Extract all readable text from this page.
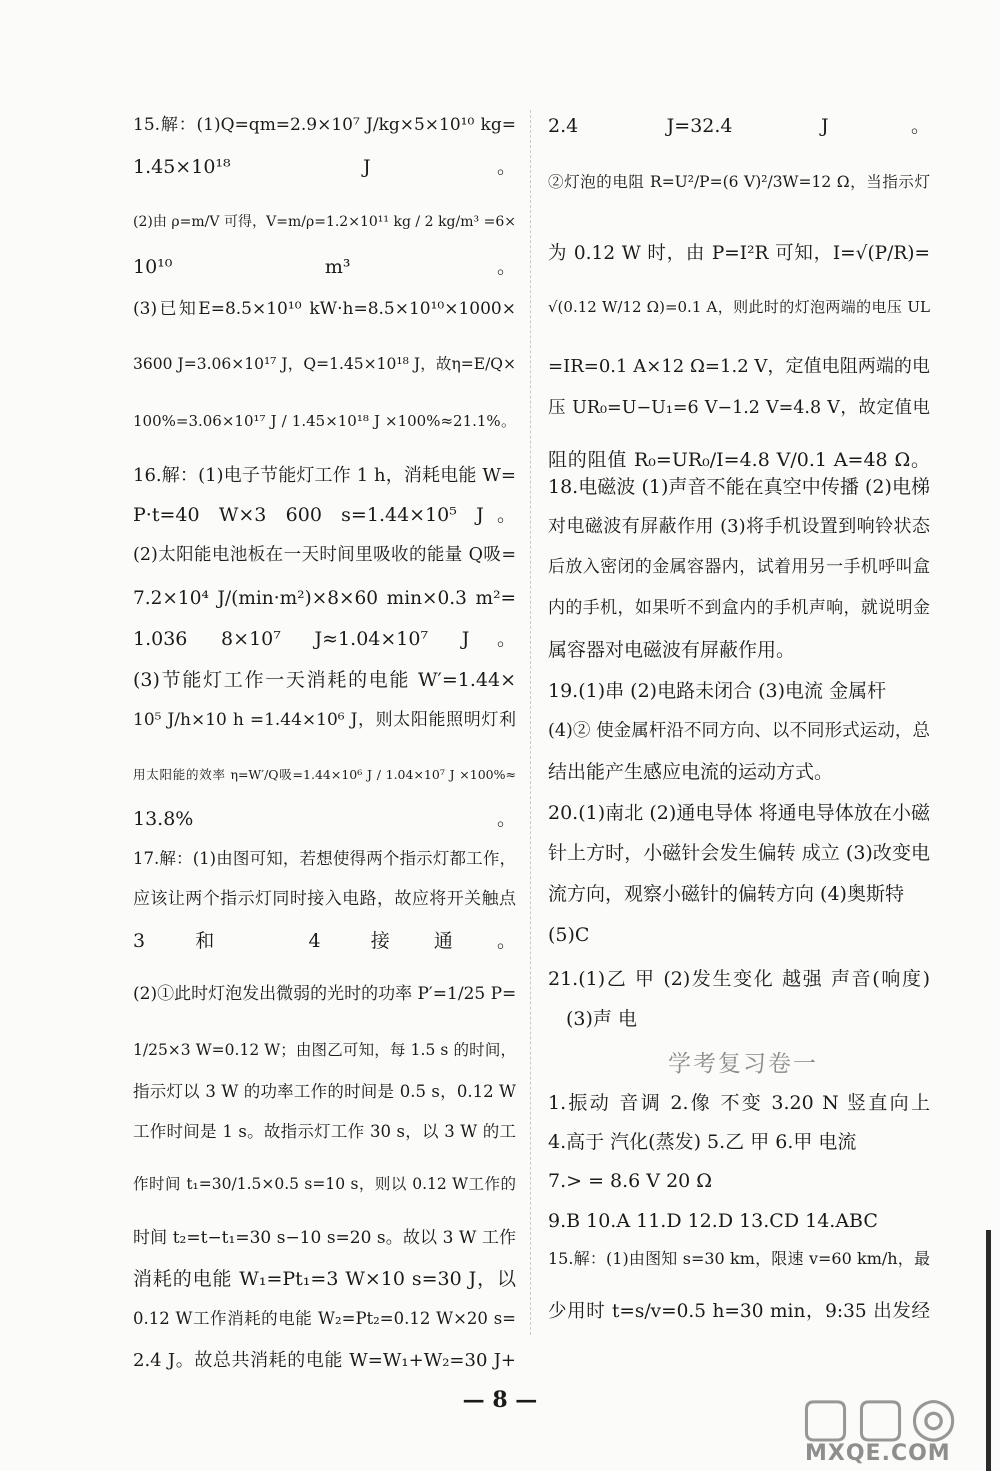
15.解：(1)Q=qm=2.9×10⁷ J/kg×5×10¹⁰ kg=
1.45×10¹⁸ J。
(2)由 ρ=m/V 可得，V=m/ρ=1.2×10¹¹ kg / 2 kg/m³ =6×
10¹⁰ m³。
(3)已知E=8.5×10¹⁰ kW·h=8.5×10¹⁰×1000×
3600 J=3.06×10¹⁷ J，Q=1.45×10¹⁸ J，故η=E/Q×
100%=3.06×10¹⁷ J / 1.45×10¹⁸ J ×100%≈21.1%。
16.解：(1)电子节能灯工作 1 h，消耗电能 W=
P·t=40 W×3 600 s=1.44×10⁵ J。
(2)太阳能电池板在一天时间里吸收的能量 Q吸=
7.2×10⁴ J/(min·m²)×8×60 min×0.3 m²=
1.036 8×10⁷ J≈1.04×10⁷ J。
(3)节能灯工作一天消耗的电能 W′=1.44×
10⁵ J/h×10 h =1.44×10⁶ J，则太阳能照明灯利
用太阳能的效率 η=W′/Q吸=1.44×10⁶ J / 1.04×10⁷ J ×100%≈
13.8%。
17.解：(1)由图可知，若想使得两个指示灯都工作，
应该让两个指示灯同时接入电路，故应将开关触点
3 和 4 接通。
(2)①此时灯泡发出微弱的光时的功率 P′=1/25 P=
1/25×3 W=0.12 W；由图乙可知，每 1.5 s 的时间，
指示灯以 3 W 的功率工作的时间是 0.5 s，0.12 W
工作时间是 1 s。故指示灯工作 30 s，以 3 W 的工
作时间 t₁=30/1.5×0.5 s=10 s，则以 0.12 W工作的
时间 t₂=t−t₁=30 s−10 s=20 s。故以 3 W 工作
消耗的电能 W₁=Pt₁=3 W×10 s=30 J，以
0.12 W工作消耗的电能 W₂=Pt₂=0.12 W×20 s=
2.4 J。故总共消耗的电能 W=W₁+W₂=30 J+
2.4 J=32.4 J。
②灯泡的电阻 R=U²/P=(6 V)²/3W=12 Ω，当指示灯
为 0.12 W 时，由 P=I²R 可知，I=√(P/R)=
√(0.12 W/12 Ω)=0.1 A，则此时的灯泡两端的电压 UL
=IR=0.1 A×12 Ω=1.2 V，定值电阻两端的电
压 UR₀=U−U₁=6 V−1.2 V=4.8 V，故定值电
阻的阻值 R₀=UR₀/I=4.8 V/0.1 A=48 Ω。
18.电磁波 (1)声音不能在真空中传播 (2)电梯
对电磁波有屏蔽作用 (3)将手机设置到响铃状态
后放入密闭的金属容器内，试着用另一手机呼叫盒
内的手机，如果听不到盒内的手机声响，就说明金
属容器对电磁波有屏蔽作用。
19.(1)串 (2)电路未闭合 (3)电流 金属杆
(4)② 使金属杆沿不同方向、以不同形式运动，总
结出能产生感应电流的运动方式。
20.(1)南北 (2)通电导体 将通电导体放在小磁
针上方时，小磁针会发生偏转 成立 (3)改变电
流方向，观察小磁针的偏转方向 (4)奥斯特
(5)C
21.(1)乙 甲 (2)发生变化 越强 声音(响度)
(3)声 电
1.振动 音调 2.像 不变 3.20 N 竖直向上
4.高于 汽化(蒸发) 5.乙 甲 6.甲 电流
7.> = 8.6 V 20 Ω
9.B 10.A 11.D 12.D 13.CD 14.ABC
15.解：(1)由图知 s=30 km，限速 v=60 km/h，最
少用时 t=s/v=0.5 h=30 min，9:35 出发经
学考复习卷一
— 8 —	▢▢◎
MXQE.COM
